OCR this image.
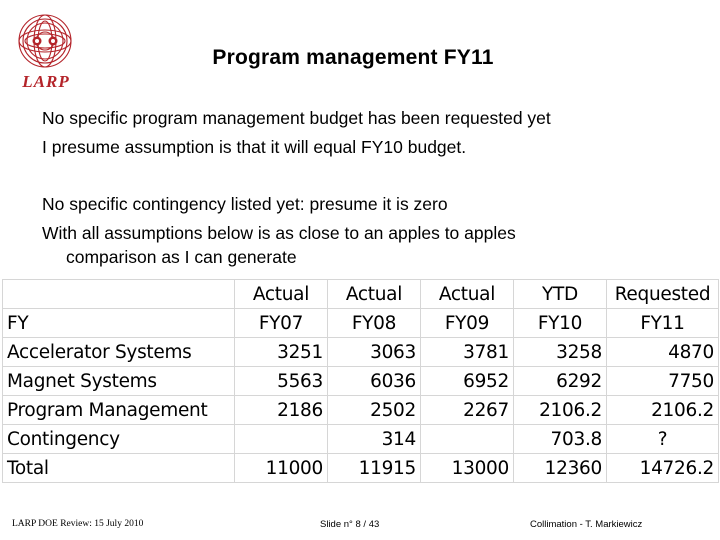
LARP
Program management FY11
No specific program management budget has been requested yet
I presume assumption is that it will equal FY10 budget.
No specific contingency listed yet: presume it is zero
With all assumptions below is as close to an apples to apples
comparison as I can generate
	Actual	Actual	Actual	YTD	Requested
FY	FY07	FY08	FY09	FY10	FY11
Accelerator Systems	3251	3063	3781	3258	4870
Magnet Systems	5563	6036	6952	6292	7750
Program Management	2186	2502	2267	2106.2	2106.2
Contingency		314		703.8	?
Total	11000	11915	13000	12360	14726.2
LARP DOE Review: 15 July 2010	Slide n° 8 / 43	Collimation - T. Markiewicz
